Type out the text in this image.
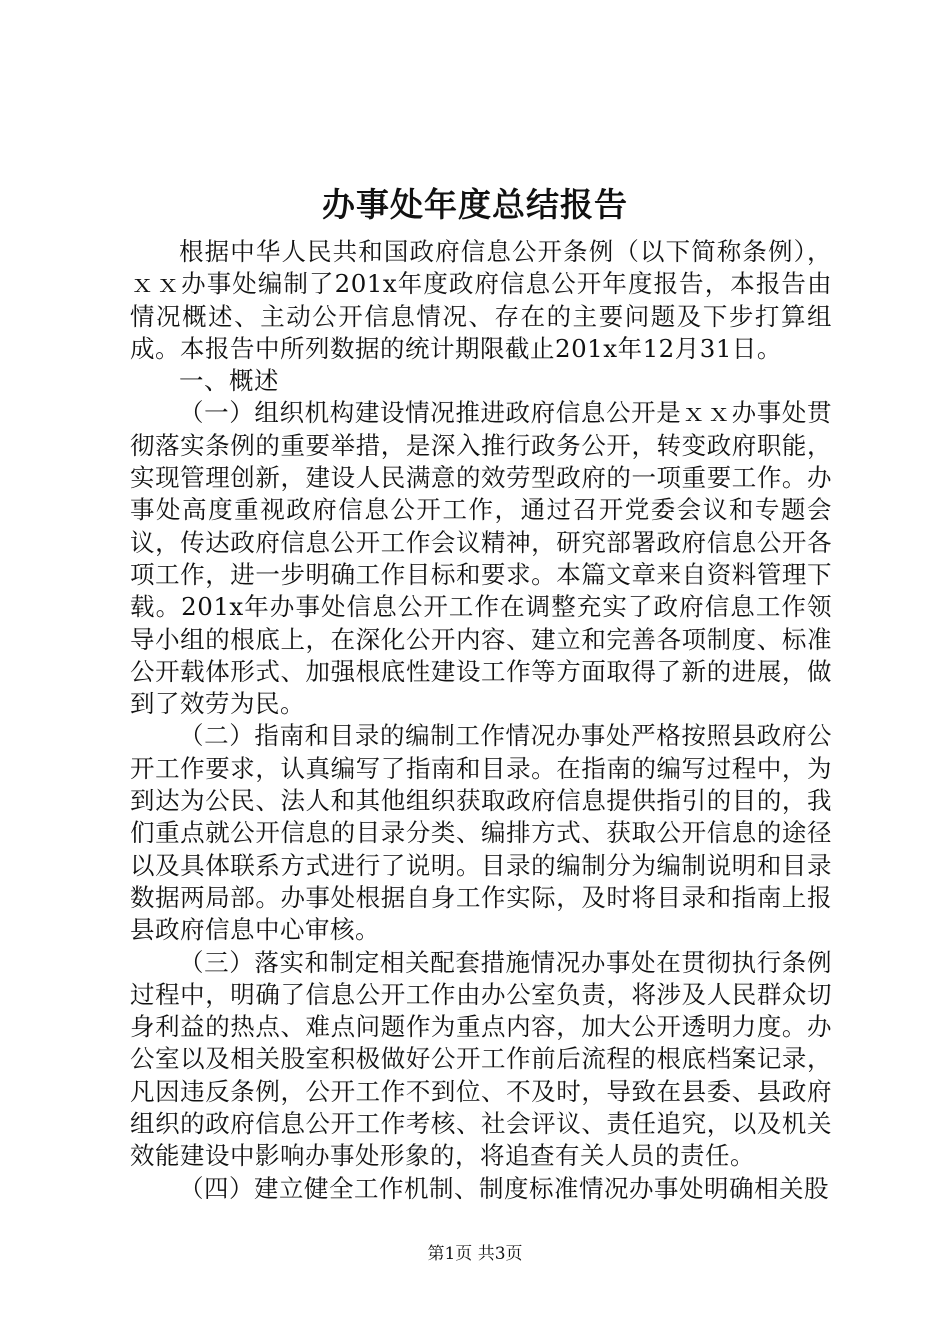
办事处年度总结报告

根据中华人民共和国政府信息公开条例（以下简称条例），ｘｘ办事处编制了201x年度政府信息公开年度报告，本报告由情况概述、主动公开信息情况、存在的主要问题及下步打算组成。本报告中所列数据的统计期限截止201x年12月31日。

一、概述

（一）组织机构建设情况推进政府信息公开是ｘｘ办事处贯彻落实条例的重要举措，是深入推行政务公开，转变政府职能，实现管理创新，建设人民满意的效劳型政府的一项重要工作。办事处高度重视政府信息公开工作，通过召开党委会议和专题会议，传达政府信息公开工作会议精神，研究部署政府信息公开各项工作，进一步明确工作目标和要求。本篇文章来自资料管理下载。201x年办事处信息公开工作在调整充实了政府信息工作领导小组的根底上，在深化公开内容、建立和完善各项制度、标准公开载体形式、加强根底性建设工作等方面取得了新的进展，做到了效劳为民。

（二）指南和目录的编制工作情况办事处严格按照县政府公开工作要求，认真编写了指南和目录。在指南的编写过程中，为到达为公民、法人和其他组织获取政府信息提供指引的目的，我们重点就公开信息的目录分类、编排方式、获取公开信息的途径以及具体联系方式进行了说明。目录的编制分为编制说明和目录数据两局部。办事处根据自身工作实际，及时将目录和指南上报县政府信息中心审核。

（三）落实和制定相关配套措施情况办事处在贯彻执行条例过程中，明确了信息公开工作由办公室负责，将涉及人民群众切身利益的热点、难点问题作为重点内容，加大公开透明力度。办公室以及相关股室积极做好公开工作前后流程的根底档案记录，凡因违反条例，公开工作不到位、不及时，导致在县委、县政府组织的政府信息公开工作考核、社会评议、责任追究，以及机关效能建设中影响办事处形象的，将追查有关人员的责任。

（四）建立健全工作机制、制度标准情况办事处明确相关股

第1页 共3页
